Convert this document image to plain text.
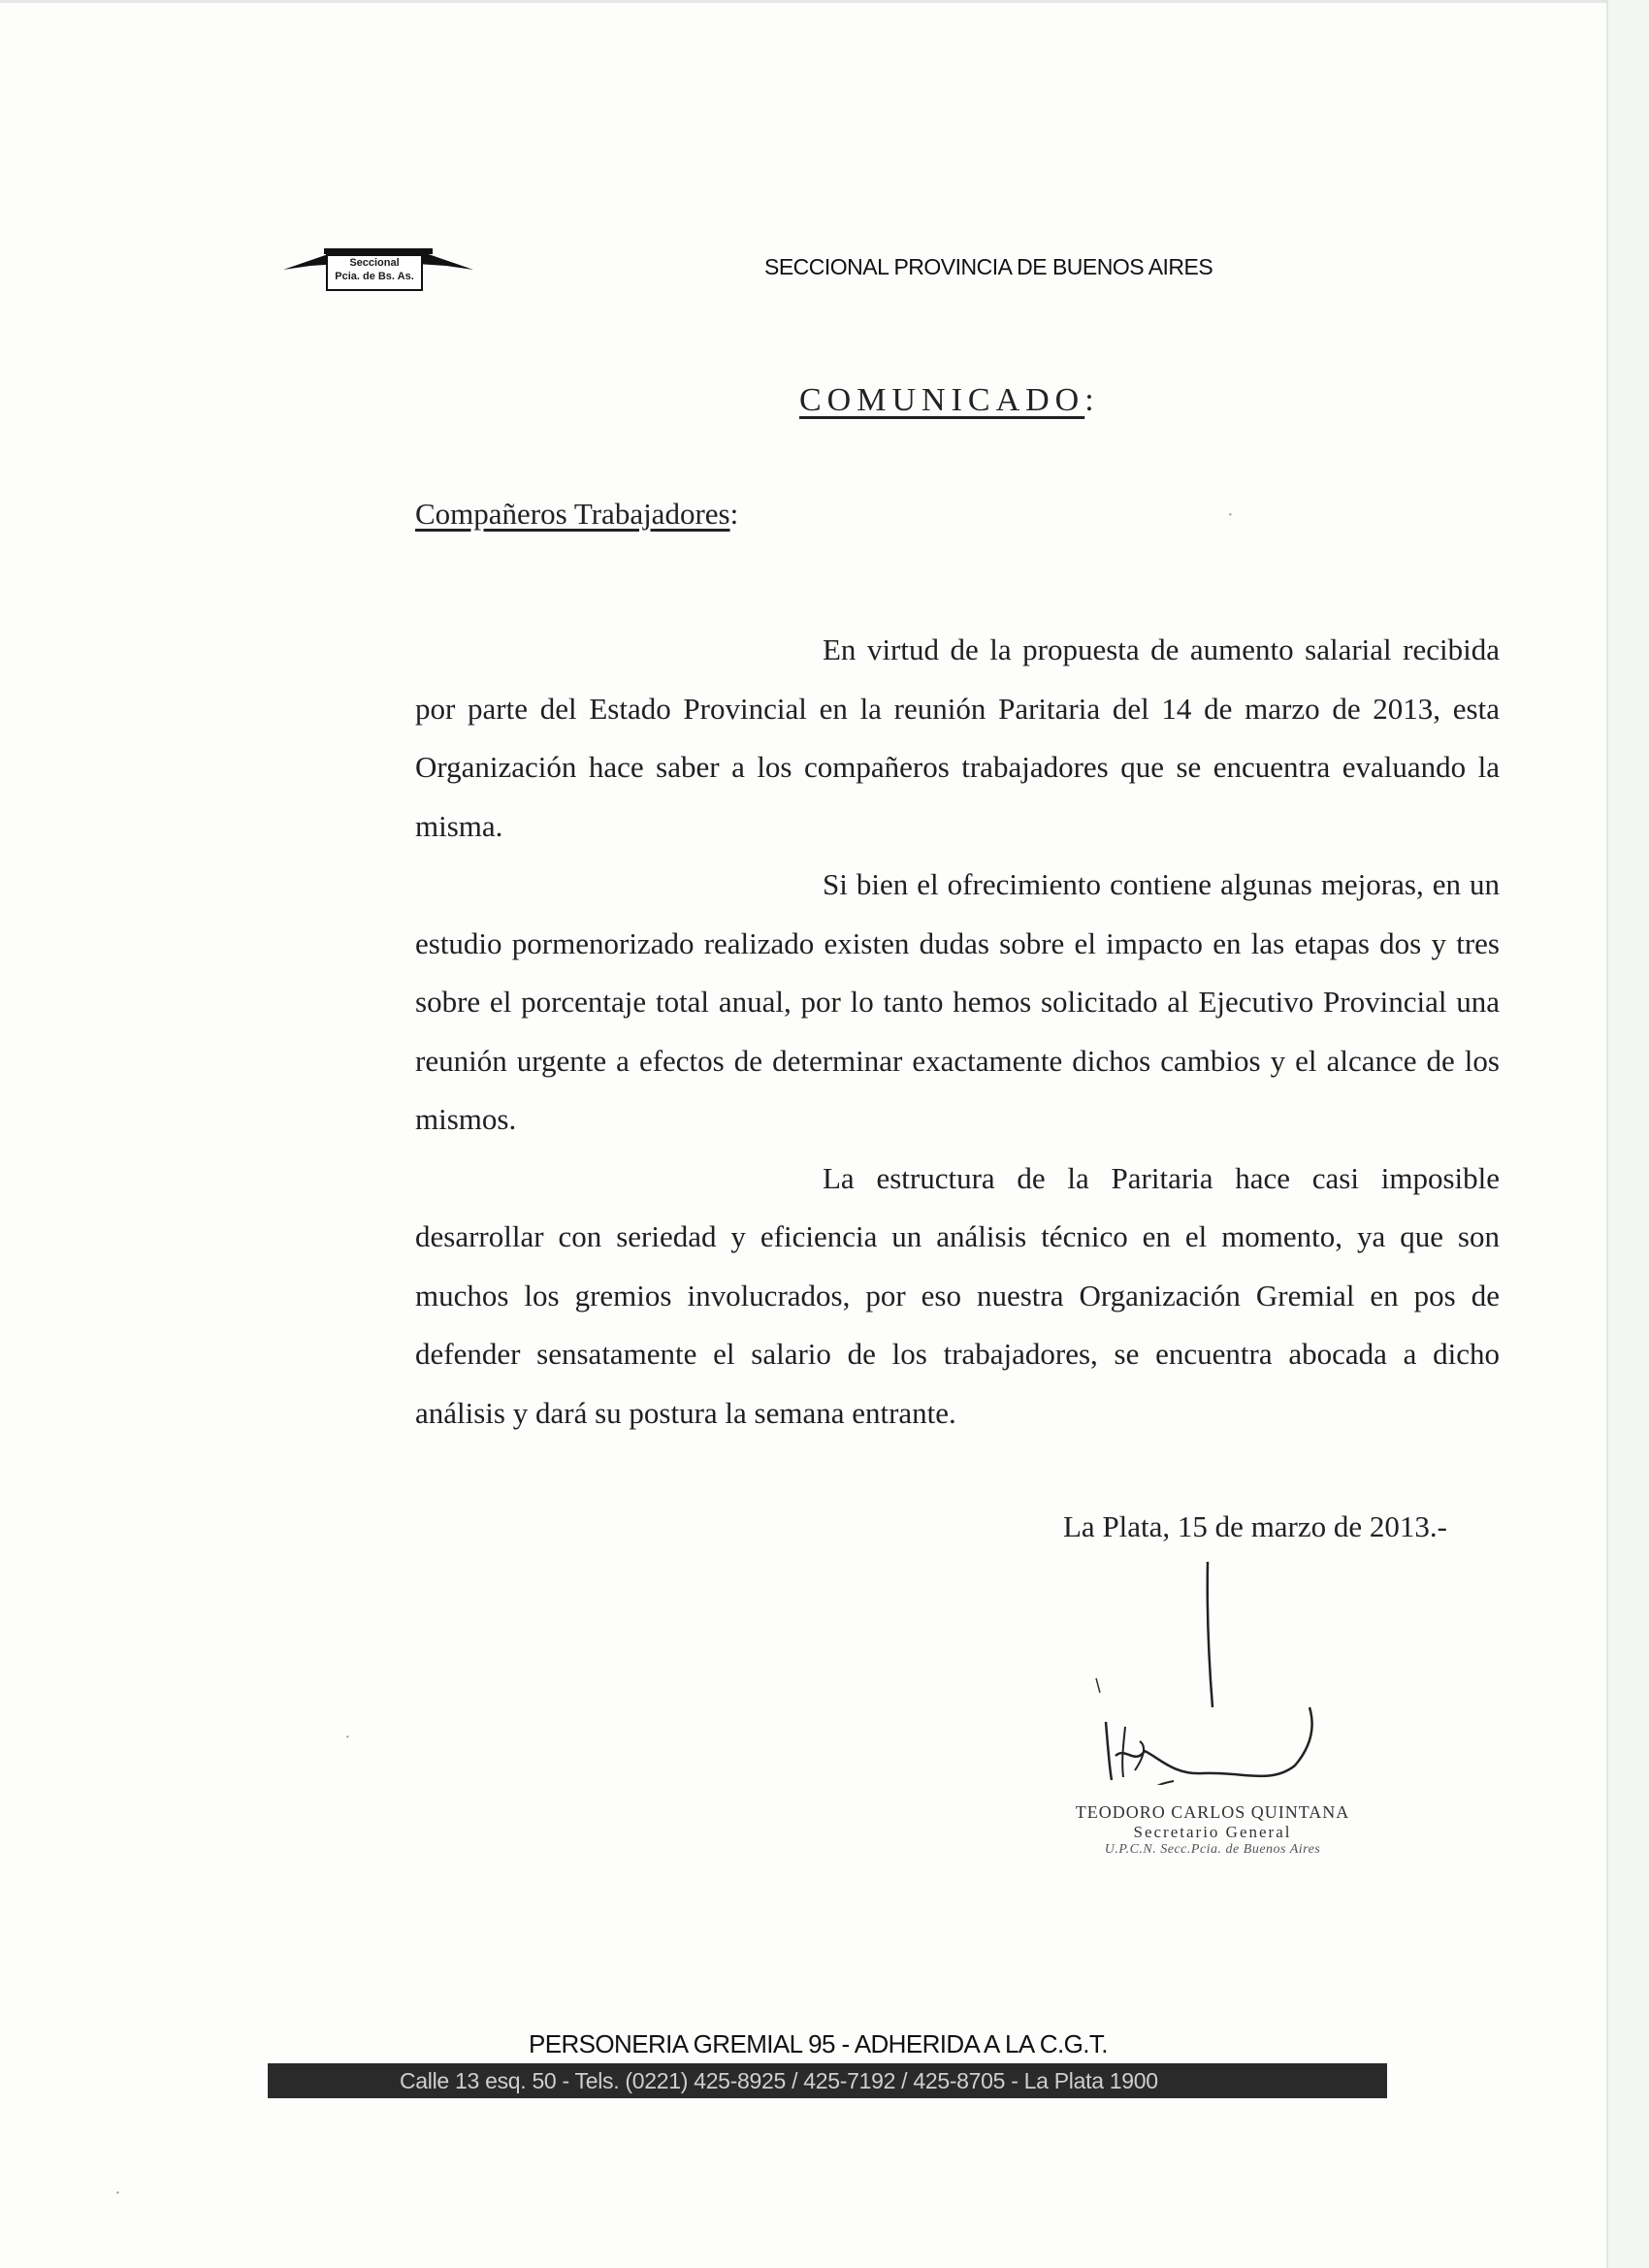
Seccional
Pcia. de Bs. As.	SECCIONAL PROVINCIA DE BUENOS AIRES
COMUNICADO:
Compañeros Trabajadores:

En virtud de la propuesta de aumento salarial recibida por parte del Estado Provincial en la reunión Paritaria del 14 de marzo de 2013, esta Organización hace saber a los compañeros trabajadores que se encuentra evaluando la misma.

Si bien el ofrecimiento contiene algunas mejoras, en un estudio pormenorizado realizado existen dudas sobre el impacto en las etapas dos y tres sobre el porcentaje total anual, por lo tanto hemos solicitado al Ejecutivo Provincial una reunión urgente a efectos de determinar exactamente dichos cambios y el alcance de los mismos.

La estructura de la Paritaria hace casi imposible desarrollar con seriedad y eficiencia un análisis técnico en el momento, ya que son muchos los gremios involucrados, por eso nuestra Organización Gremial en pos de defender sensatamente el salario de los trabajadores, se encuentra abocada a dicho análisis y dará su postura la semana entrante.

La Plata, 15 de marzo de 2013.-
TEODORO CARLOS QUINTANA
Secretario General
U.P.C.N. Secc.Pcia. de Buenos Aires
PERSONERIA GREMIAL 95 - ADHERIDA A LA C.G.T.
Calle 13 esq. 50 - Tels. (0221) 425-8925 / 425-7192 / 425-8705 - La Plata 1900
·
·
·
